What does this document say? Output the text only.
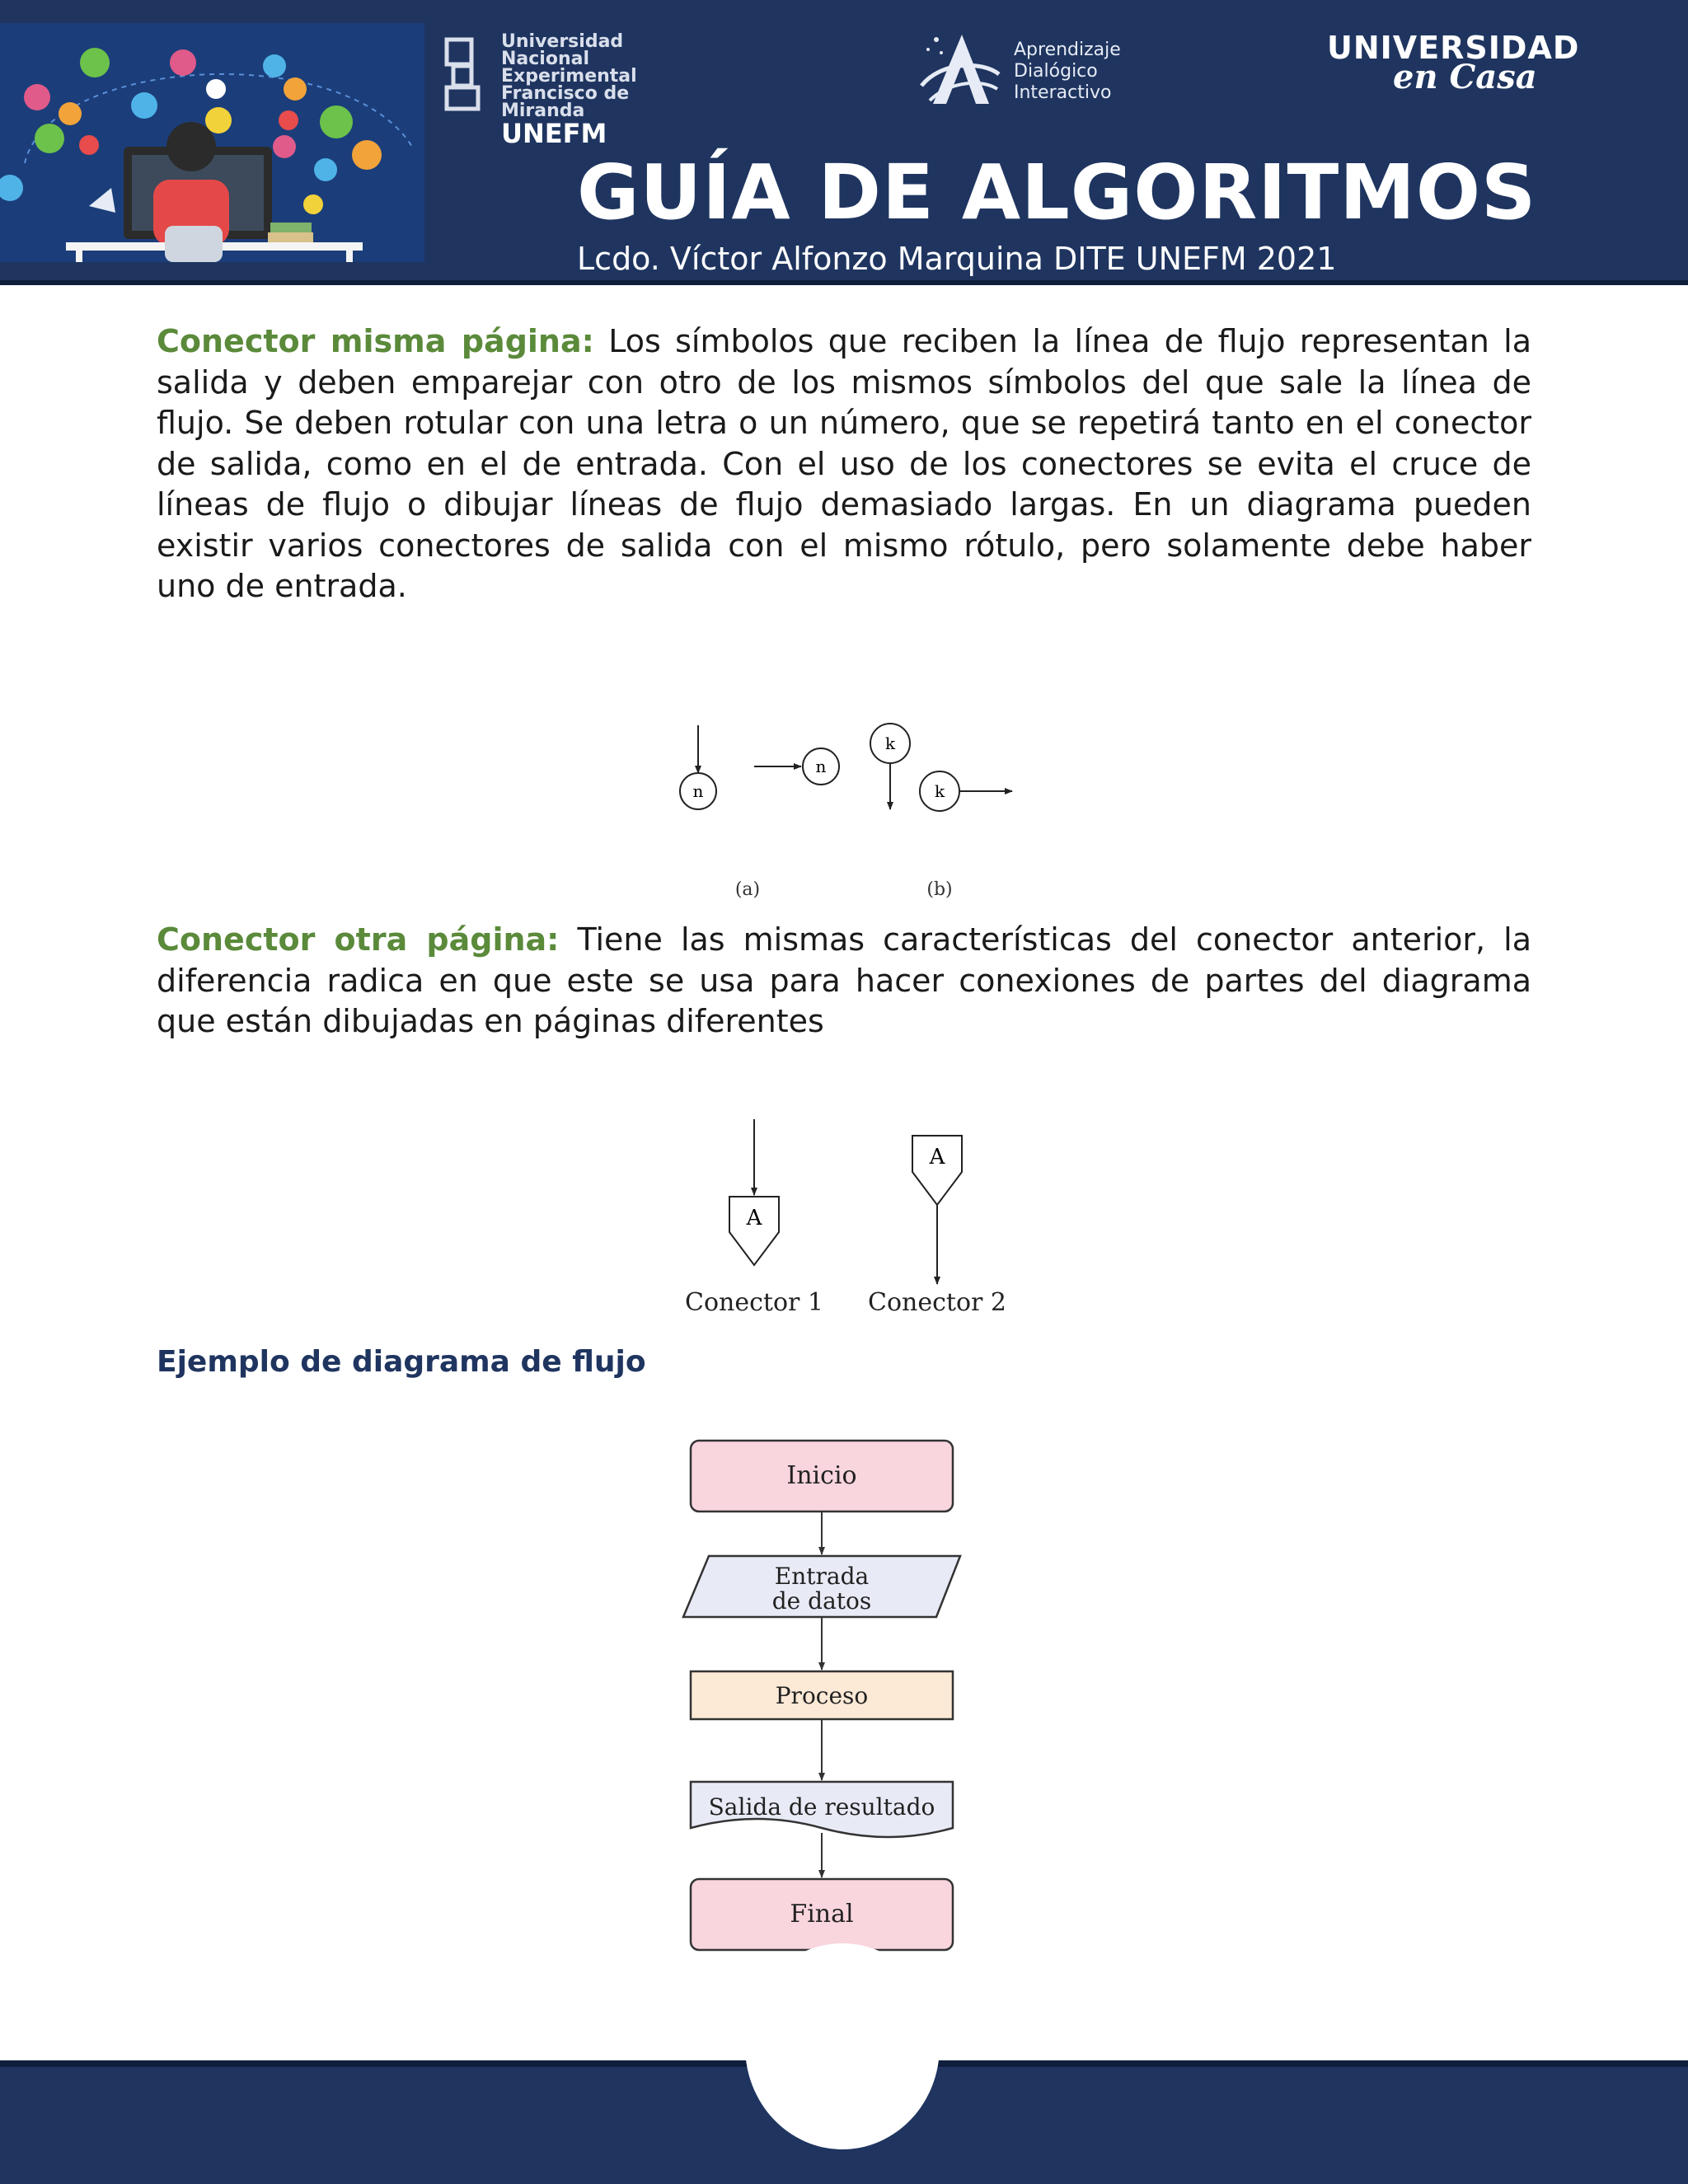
Universidad Nacional
Experimental
Francisco de Miranda
UNEFM
Aprendizaje
Dialógico
Interactivo
UNIVERSIDAD
en Casa
GUÍA DE ALGORITMOS
Lcdo. Víctor Alfonzo Marquina DITE UNEFM 2021

Conector misma página: Los símbolos que reciben la línea de flujo representan la salida y deben emparejar con otro de los mismos símbolos del que sale la línea de flujo. Se deben rotular con una letra o un número, que se repetirá tanto en el conector de salida, como en el de entrada. Con el uso de los conectores se evita el cruce de líneas de flujo o dibujar líneas de flujo demasiado largas. En un diagrama pueden existir varios conectores de salida con el mismo rótulo, pero solamente debe haber uno de entrada.

n
n
k
k
(a)	(b)

Conector otra página: Tiene las mismas características del conector anterior, la diferencia radica en que este se usa para hacer conexiones de partes del diagrama que están dibujadas en páginas diferentes

A
A
Conector 1 Conector 2
Ejemplo de diagrama de flujo
Inicio
Entrada
de datos
Proceso
Salida de resultado
Final
